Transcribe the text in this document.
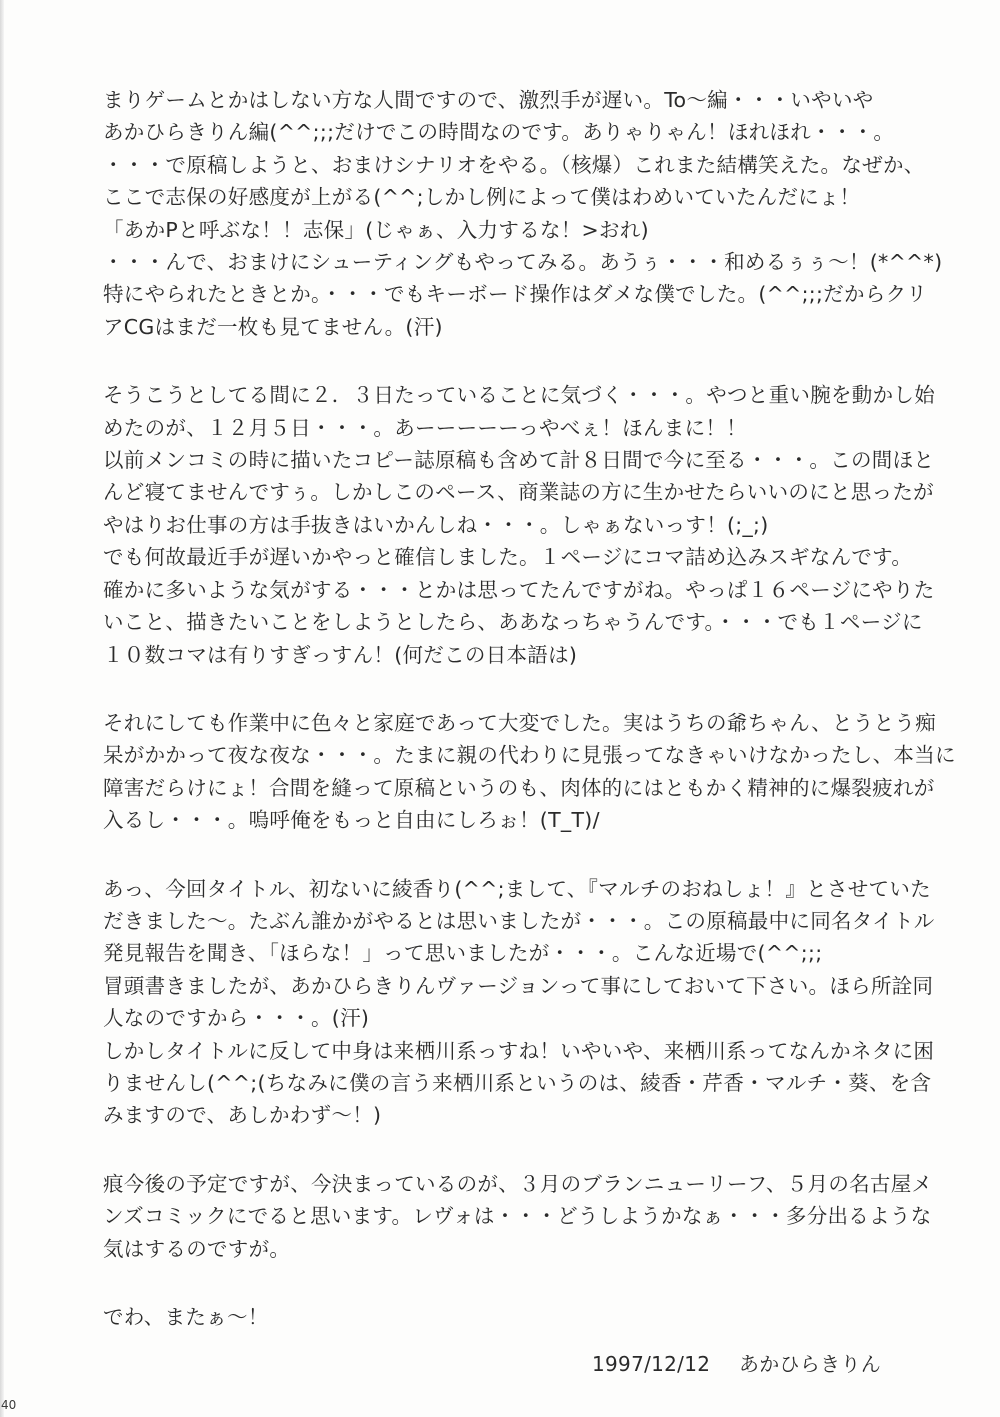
まりゲームとかはしない方な人間ですので、激烈手が遅い。To～編・・・いやいや
あかひらきりん編(^^;;;だけでこの時間なのです。ありゃりゃん！ほれほれ・・・。
・・・で原稿しようと、おまけシナリオをやる。（核爆）これまた結構笑えた。なぜか、
ここで志保の好感度が上がる(^^;しかし例によって僕はわめいていたんだにょ！
「あかPと呼ぶな！！志保」(じゃぁ、入力するな！>おれ)
・・・んで、おまけにシューティングもやってみる。あうぅ・・・和めるぅぅ～！(*^^*)
特にやられたときとか。・・・でもキーボード操作はダメな僕でした。(^^;;;だからクリ
アCGはまだ一枚も見てません。(汗)
そうこうとしてる間に２．３日たっていることに気づく・・・。やつと重い腕を動かし始
めたのが、１２月５日・・・。あーーーーーっやべぇ！ほんまに！！
以前メンコミの時に描いたコピー誌原稿も含めて計８日間で今に至る・・・。この間ほと
んど寝てませんですぅ。しかしこのペース、商業誌の方に生かせたらいいのにと思ったが
やはりお仕事の方は手抜きはいかんしね・・・。しゃぁないっす！(;_;)
でも何故最近手が遅いかやっと確信しました。１ページにコマ詰め込みスギなんです。
確かに多いような気がする・・・とかは思ってたんですがね。やっぱ１６ページにやりた
いこと、描きたいことをしようとしたら、ああなっちゃうんです。・・・でも１ページに
１０数コマは有りすぎっすん！(何だこの日本語は)
それにしても作業中に色々と家庭であって大変でした。実はうちの爺ちゃん、とうとう痴
呆がかかって夜な夜な・・・。たまに親の代わりに見張ってなきゃいけなかったし、本当に
障害だらけにょ！合間を縫って原稿というのも、肉体的にはともかく精神的に爆裂疲れが
入るし・・・。嗚呼俺をもっと自由にしろぉ！(T_T)/
あっ、今回タイトル、初ないに綾香り(^^;まして、『マルチのおねしょ！』とさせていた
だきました～。たぶん誰かがやるとは思いましたが・・・。この原稿最中に同名タイトル
発見報告を聞き、「ほらな！」って思いましたが・・・。こんな近場で(^^;;;
冒頭書きましたが、あかひらきりんヴァージョンって事にしておいて下さい。ほら所詮同
人なのですから・・・。(汗)
しかしタイトルに反して中身は来栖川系っすね！いやいや、来栖川系ってなんかネタに困
りませんし(^^;(ちなみに僕の言う来栖川系というのは、綾香・芹香・マルチ・葵、を含
みますので、あしかわず～！)
痕今後の予定ですが、今決まっているのが、３月のブランニューリーフ、５月の名古屋メ
ンズコミックにでると思います。レヴォは・・・どうしようかなぁ・・・多分出るような
気はするのですが。
でわ、またぁ～！
1997/12/12 あかひらきりん
40
